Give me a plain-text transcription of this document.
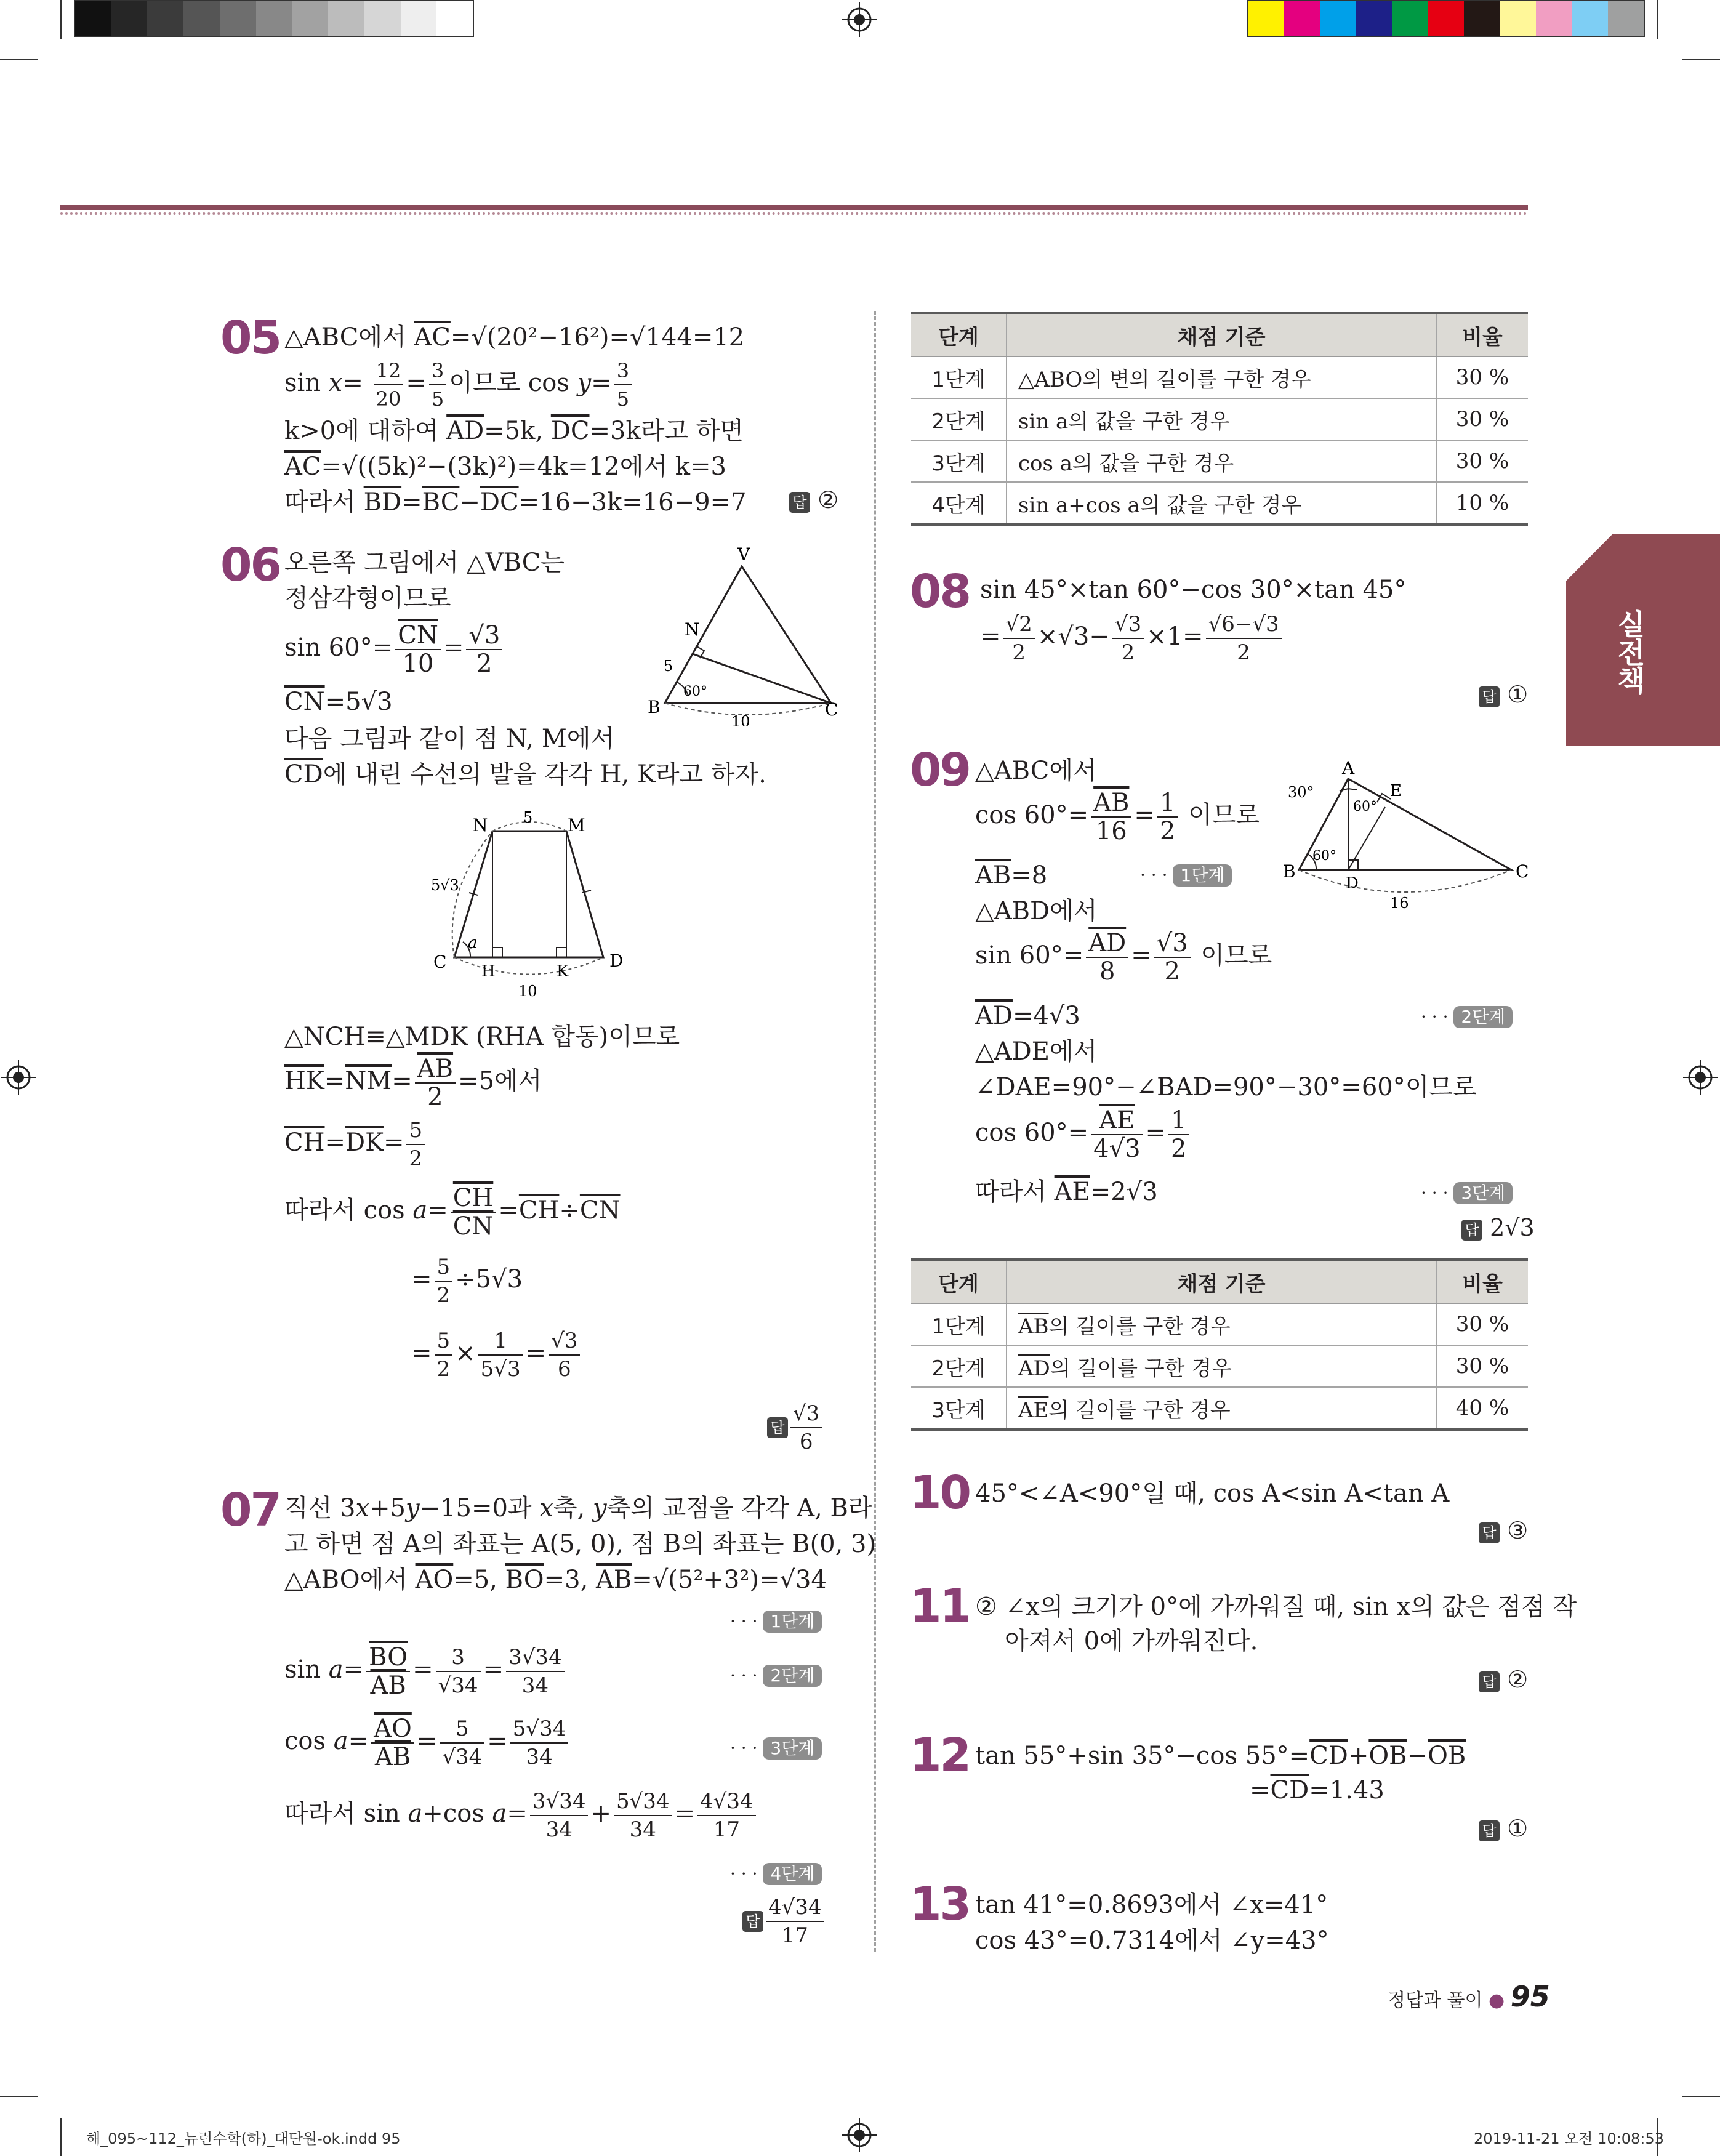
실전책
05 △ABC에서 $\overline{AC}=√(20^2-16^2)=√144=12$
$\sin x= \frac{12}{20} = \frac{3}{5}$ 이므로 $\cos y= \frac{3}{5}$
k>0에 대하여 $\overline{AD}=5k$, $\overline{DC}=3k$라고 하면
$\overline{AC}=√((5k)^2-(3k)^2)=4k=12$에서 k=3
따라서 $\overline{BD}=\overline{BC}-\overline{DC}=16-3k=16-9=7$	답 ②
06 오른쪽 그림에서 △VBC는
정삼각형이므로
$\sin 60^\circ= \frac{\overline{CN}}{10} = \frac{√3}{2}$
$\overline{CN}=5√3$
다음 그림과 같이 점 N, M에서
$\overline{CD}$에 내린 수선의 발을 각각 H, K라고 하자.
△NCH≡△MDK (RHA 합동)이므로
$\overline{HK}=\overline{NM}= \frac{\overline{AB}}{2} =5$에서
$\overline{CH}=\overline{DK}= \frac{5}{2}$
따라서 $\cos a= \frac{\overline{CH}}{CN} =\overline{CH}\div\overline{CN}$
= $\frac{5}{2} \div 5√3$
= $\frac{5}{2} \times \frac{1}{5√3} = \frac{√3}{6}$
V
N
B	C
5
60°
10
N	M
C	D
H	K
a
5
5√3
10
답 $\frac{√3}{6}$
07 직선 3x+5y−15=0과 x축, y축의 교점을 각각 A, B라
고 하면 점 A의 좌표는 A(5, 0), 점 B의 좌표는 B(0, 3)
△ABO에서 $\overline{AO}=5$, $\overline{BO}=3$, $\overline{AB}=√(5^2+3^2)=√34$
$\sin a= \frac{\overline{BO}}{AB} = \frac{3}{√34} = \frac{3√34}{34}$
$\cos a= \frac{\overline{AO}}{AB} = \frac{5}{√34} = \frac{5√34}{34}$
따라서 sin a+cos $a= \frac{3√34}{34} + \frac{5√34}{34} = \frac{4√34}{17}$
· · · 1단계
· · · 2단계
· · · 3단계
· · · 4단계
답 $\frac{4√34}{17}$
단계	채점 기준	비율
1단계	△ABO의 변의 길이를 구한 경우	30 %
2단계	sin a의 값을 구한 경우	30 %
3단계	cos a의 값을 구한 경우	30 %
4단계	sin a+cos a의 값을 구한 경우	10 %
08 sin 45°×tan 60°−cos 30°×tan 45°
= $\frac{√2}{2} \times√3- \frac{√3}{2} \times 1= \frac{√6-√3}{2}$
답 ①
09 △ABC에서
$\cos 60^\circ= \frac{\overline{AB}}{16} = \frac{1}{2}$ 이므로
$\overline{AB}=8$
△ABD에서
$\sin 60^\circ= \frac{\overline{AD}}{8} = \frac{√3}{2}$ 이므로
$\overline{AD}=4√3$
△ADE에서
∠DAE=90°−∠BAD=90°−30°=60°이므로
$\cos 60^\circ= \frac{\overline{AE}}{4√3} = \frac{1}{2}$
따라서 $\overline{AE}=2√3$
· · · 1단계
· · · 2단계
· · · 3단계
답 2√3
A
B	C
D
E
30°
60°
60°
16
단계	채점 기준	비율
1단계	$\overline{AB}$의 길이를 구한 경우	30 %
2단계	$\overline{AD}$의 길이를 구한 경우	30 %
3단계	$\overline{AE}$의 길이를 구한 경우	40 %
10 45°<∠A<90°일 때, cos A<sin A<tan A
답 ③
11 ② ∠x의 크기가 0°에 가까워질 때, sin x의 값은 점점 작
아져서 0에 가까워진다.
답 ②
12 tan 55°+sin 35°−cos $55^\circ=\overline{CD}+\overline{OB}-\overline{OB}$
$=\overline{CD}=1.43$
답 ①
13 tan 41°=0.8693에서 ∠x=41°
cos 43°=0.7314에서 ∠y=43°
정답과 풀이 ● 95
해_095~112_뉴런수학(하)_대단원-ok.indd 95	2019-11-21 오전 10:08:53
